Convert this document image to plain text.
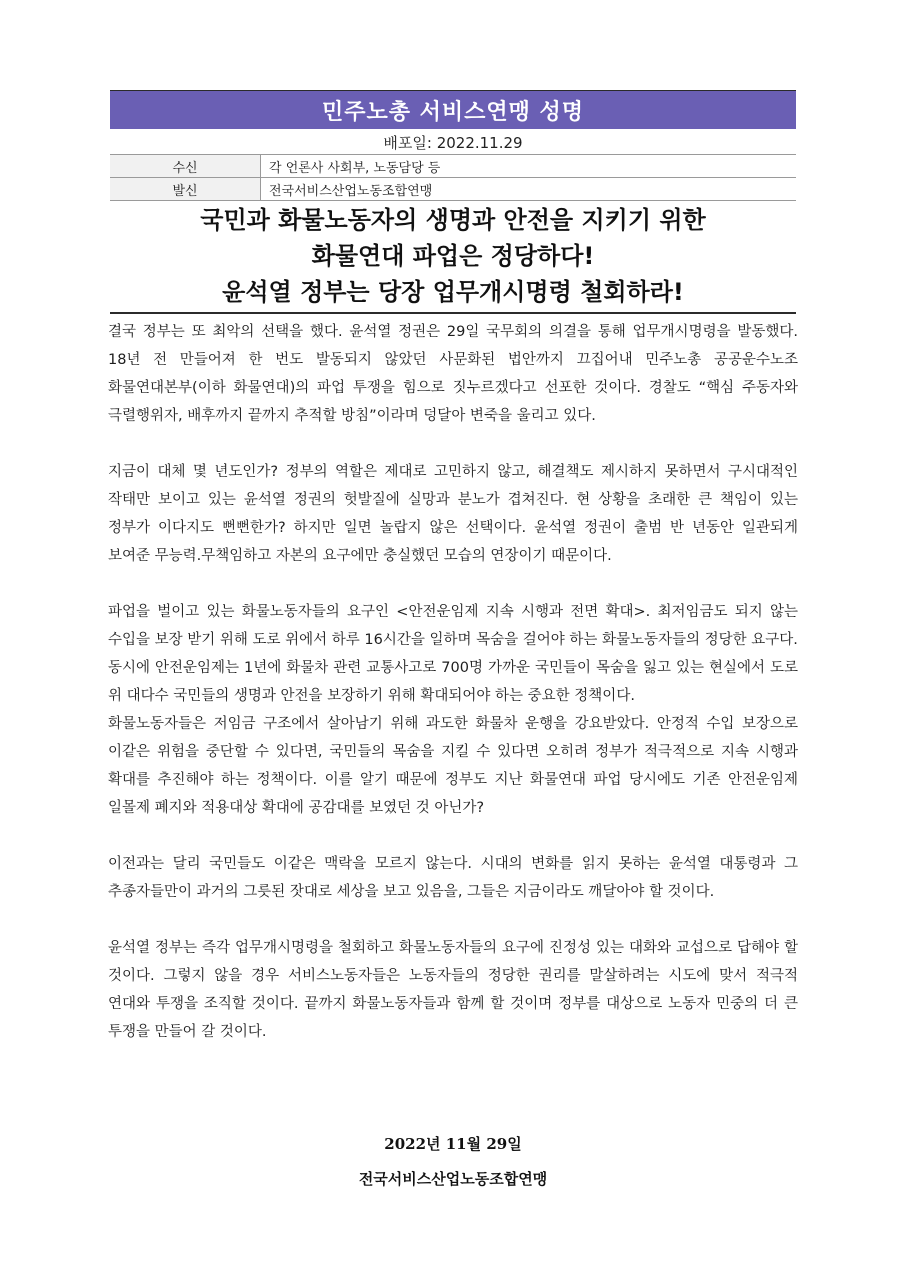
민주노총 서비스연맹 성명
배포일: 2022.11.29
수신	각 언론사 사회부, 노동담당 등
발신	전국서비스산업노동조합연맹
국민과 화물노동자의 생명과 안전을 지키기 위한
화물연대 파업은 정당하다!
윤석열 정부는 당장 업무개시명령 철회하라!

결국 정부는 또 최악의 선택을 했다. 윤석열 정권은 29일 국무회의 의결을 통해 업무개시명령을 발동했다. 18년 전 만들어져 한 번도 발동되지 않았던 사문화된 법안까지 끄집어내 민주노총 공공운수노조 화물연대본부(이하 화물연대)의 파업 투쟁을 힘으로 짓누르겠다고 선포한 것이다. 경찰도 “핵심 주동자와 극렬행위자, 배후까지 끝까지 추적할 방침”이라며 덩달아 변죽을 울리고 있다.

지금이 대체 몇 년도인가? 정부의 역할은 제대로 고민하지 않고, 해결책도 제시하지 못하면서 구시대적인 작태만 보이고 있는 윤석열 정권의 헛발질에 실망과 분노가 겹쳐진다. 현 상황을 초래한 큰 책임이 있는 정부가 이다지도 뻔뻔한가? 하지만 일면 놀랍지 않은 선택이다. 윤석열 정권이 출범 반 년동안 일관되게 보여준 무능력.무책임하고 자본의 요구에만 충실했던 모습의 연장이기 때문이다.

파업을 벌이고 있는 화물노동자들의 요구인 <안전운임제 지속 시행과 전면 확대>. 최저임금도 되지 않는 수입을 보장 받기 위해 도로 위에서 하루 16시간을 일하며 목숨을 걸어야 하는 화물노동자들의 정당한 요구다.

동시에 안전운임제는 1년에 화물차 관련 교통사고로 700명 가까운 국민들이 목숨을 잃고 있는 현실에서 도로 위 대다수 국민들의 생명과 안전을 보장하기 위해 확대되어야 하는 중요한 정책이다.

화물노동자들은 저임금 구조에서 살아남기 위해 과도한 화물차 운행을 강요받았다. 안정적 수입 보장으로 이같은 위험을 중단할 수 있다면, 국민들의 목숨을 지킬 수 있다면 오히려 정부가 적극적으로 지속 시행과 확대를 추진해야 하는 정책이다. 이를 알기 때문에 정부도 지난 화물연대 파업 당시에도 기존 안전운임제 일몰제 폐지와 적용대상 확대에 공감대를 보였던 것 아닌가?

이전과는 달리 국민들도 이같은 맥락을 모르지 않는다. 시대의 변화를 읽지 못하는 윤석열 대통령과 그 추종자들만이 과거의 그릇된 잣대로 세상을 보고 있음을, 그들은 지금이라도 깨달아야 할 것이다.

윤석열 정부는 즉각 업무개시명령을 철회하고 화물노동자들의 요구에 진정성 있는 대화와 교섭으로 답해야 할 것이다. 그렇지 않을 경우 서비스노동자들은 노동자들의 정당한 권리를 말살하려는 시도에 맞서 적극적 연대와 투쟁을 조직할 것이다. 끝까지 화물노동자들과 함께 할 것이며 정부를 대상으로 노동자 민중의 더 큰 투쟁을 만들어 갈 것이다.

2022년 11월 29일
전국서비스산업노동조합연맹
